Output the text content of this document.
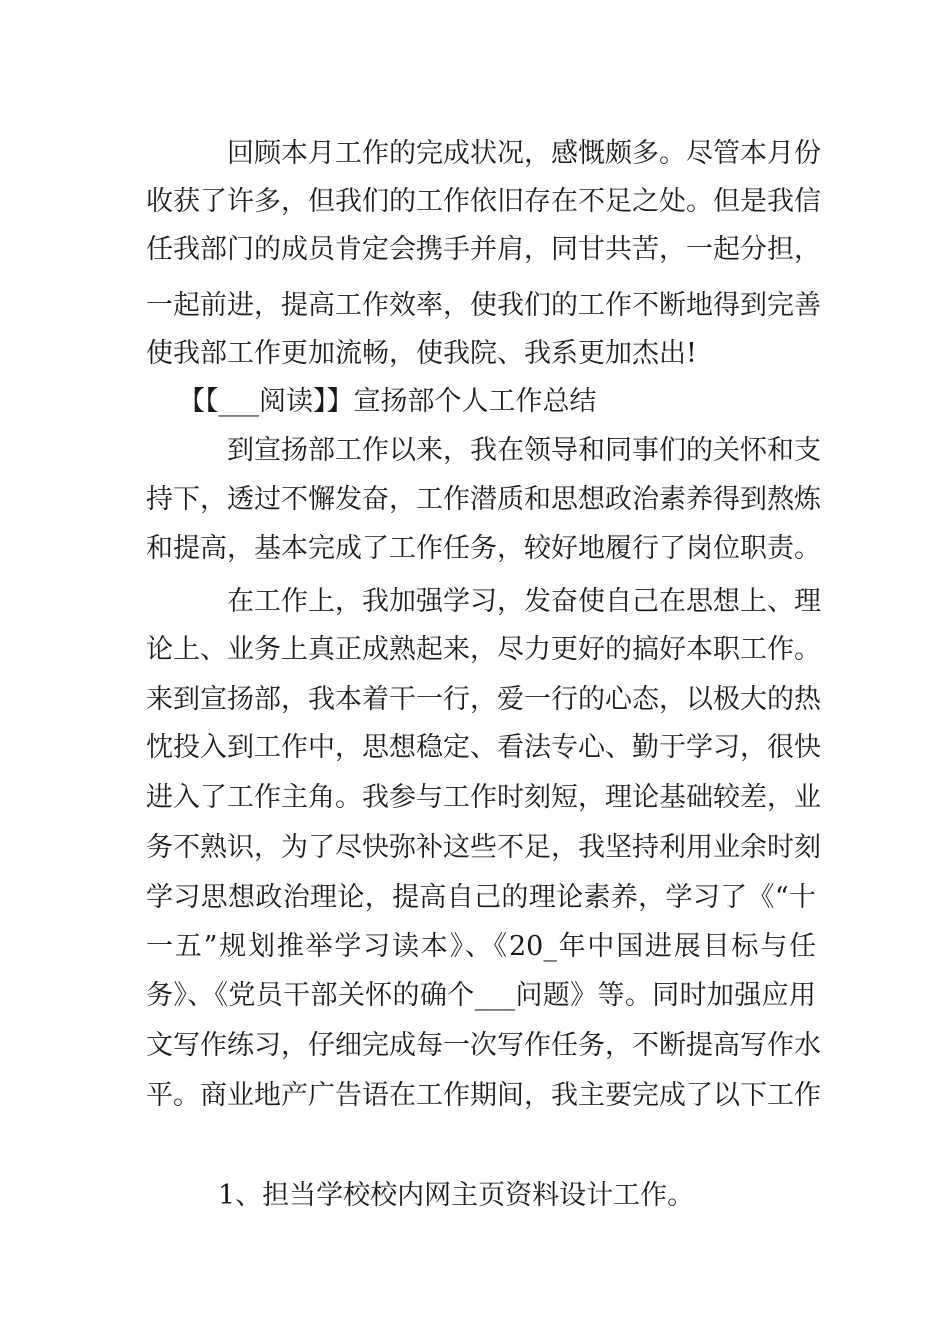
　　　回顾本月工作的完成状况，感慨颇多。尽管本月份
收获了许多，但我们的工作依旧存在不足之处。但是我信
任我部门的成员肯定会携手并肩，同甘共苦，一起分担，
一起前进，提高工作效率，使我们的工作不断地得到完善
使我部工作更加流畅，使我院、我系更加杰出!
【【___阅读】】宣扬部个人工作总结
　　　到宣扬部工作以来，我在领导和同事们的关怀和支
持下，透过不懈发奋，工作潜质和思想政治素养得到熬炼
和提高，基本完成了工作任务，较好地履行了岗位职责。
　　　在工作上，我加强学习，发奋使自己在思想上、理
论上、业务上真正成熟起来，尽力更好的搞好本职工作。
来到宣扬部，我本着干一行，爱一行的心态，以极大的热
忱投入到工作中，思想稳定、看法专心、勤于学习，很快
进入了工作主角。我参与工作时刻短，理论基础较差，业
务不熟识，为了尽快弥补这些不足，我坚持利用业余时刻
学习思想政治理论，提高自己的理论素养，学习了《“十
一五”规划推举学习读本》、《20_年中国进展目标与任
务》、《党员干部关怀的确个___问题》等。同时加强应用
文写作练习，仔细完成每一次写作任务，不断提高写作水
平。商业地产广告语在工作期间，我主要完成了以下工作
1、担当学校校内网主页资料设计工作。
